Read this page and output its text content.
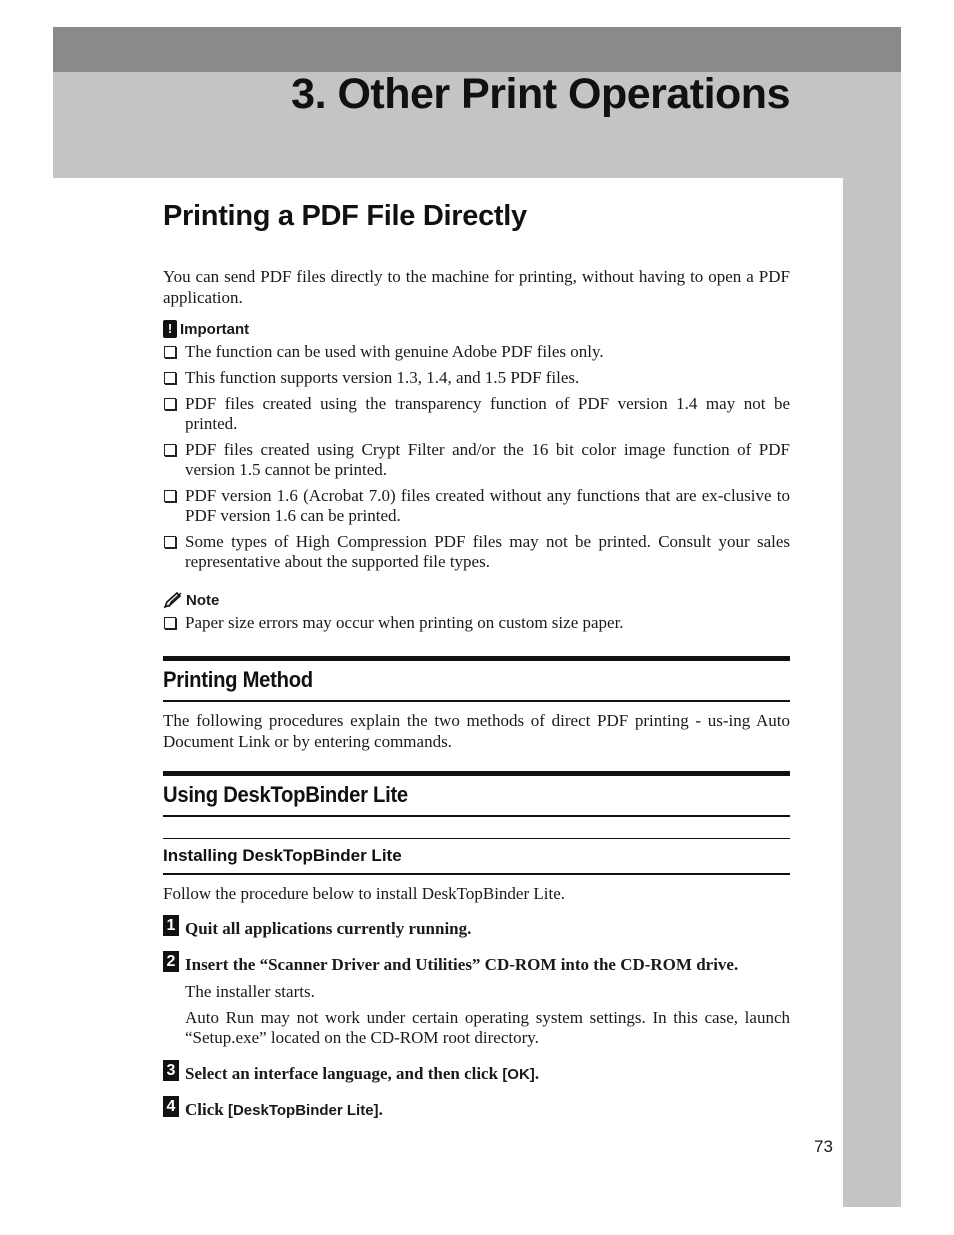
3. Other Print Operations
Printing a PDF File Directly

You can send PDF files directly to the machine for printing, without having to open a PDF application.

! Important
The function can be used with genuine Adobe PDF files only.
This function supports version 1.3, 1.4, and 1.5 PDF files.
PDF files created using the transparency function of PDF version 1.4 may not be printed.
PDF files created using Crypt Filter and/or the 16 bit color image function of PDF version 1.5 cannot be printed.
PDF version 1.6 (Acrobat 7.0) files created without any functions that are ex-clusive to PDF version 1.6 can be printed.
Some types of High Compression PDF files may not be printed. Consult your sales representative about the supported file types.
Note
Paper size errors may occur when printing on custom size paper.
Printing Method

The following procedures explain the two methods of direct PDF printing - us-ing Auto Document Link or by entering commands.

Using DeskTopBinder Lite
Installing DeskTopBinder Lite

Follow the procedure below to install DeskTopBinder Lite.

1 Quit all applications currently running.
2 Insert the “Scanner Driver and Utilities” CD-ROM into the CD-ROM drive.
The installer starts.
Auto Run may not work under certain operating system settings. In this case, launch “Setup.exe” located on the CD-ROM root directory.
3 Select an interface language, and then click [OK].
4 Click [DeskTopBinder Lite].
73
